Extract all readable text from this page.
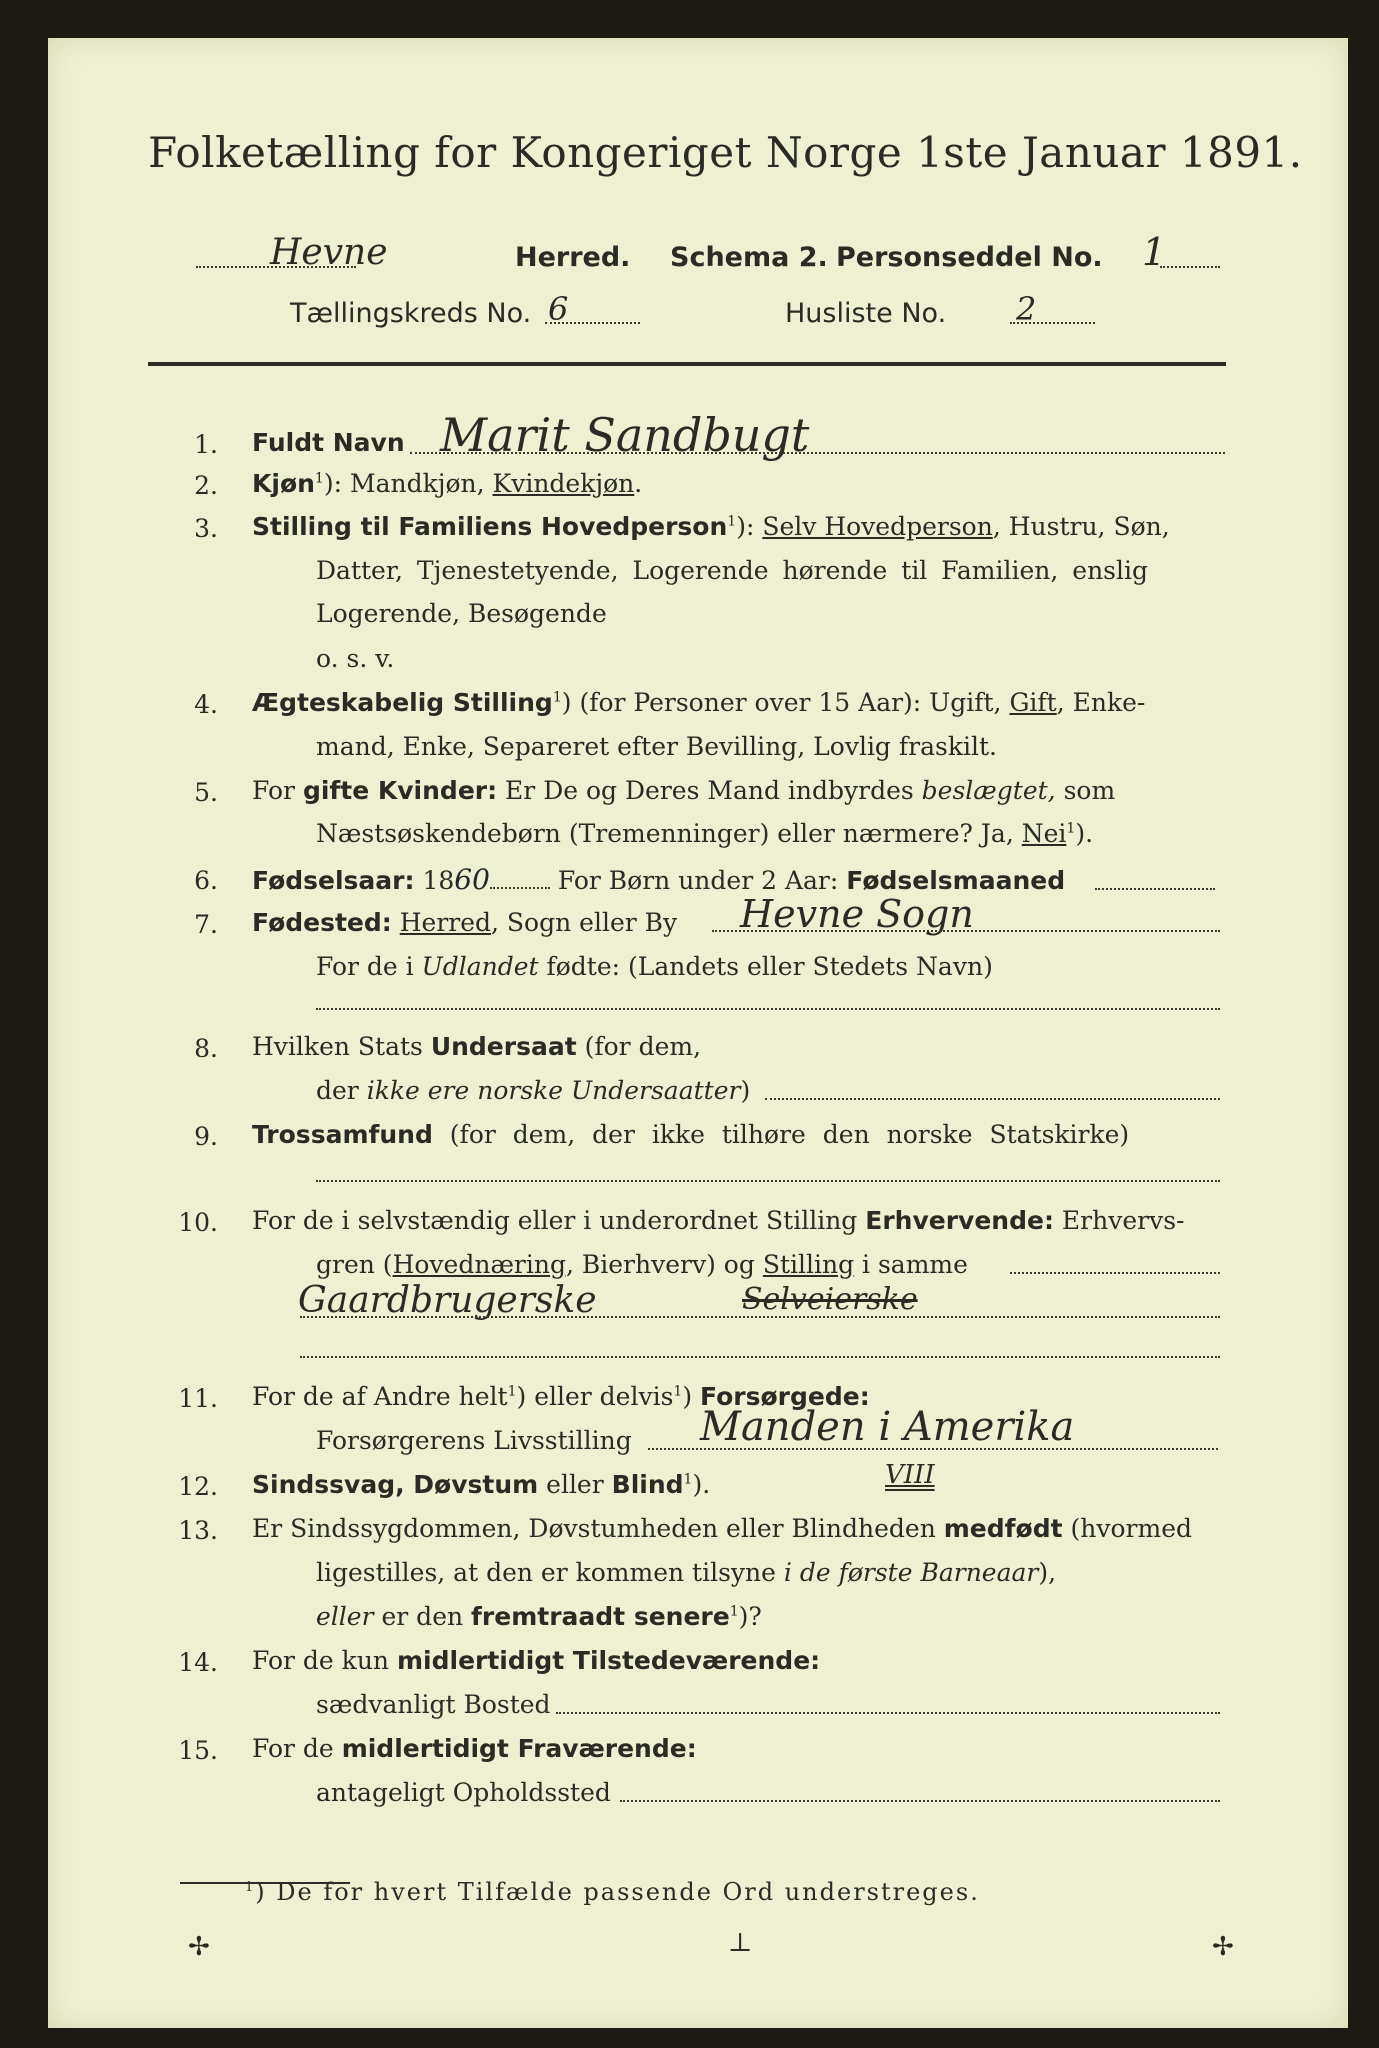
Folketælling for Kongeriget Norge 1ste Januar 1891.
Hevne	Herred. Schema 2. Personseddel No. 1
Tællingskreds No. 6	Husliste No. 2
1. Fuldt Navn Marit Sandbugt
2. Kjøn$^1$): Mandkjøn, Kvindekjøn.
3. Stilling til Familiens Hovedperson$^1$): Selv Hovedperson, Hustru, Søn,
Datter, Tjenestetyende, Logerende hørende til Familien, enslig
Logerende, Besøgende
o. s. v.
4. Ægteskabelig Stilling$^1$) (for Personer over 15 Aar): Ugift, Gift, Enke-
mand, Enke, Separeret efter Bevilling, Lovlig fraskilt.
5. For gifte Kvinder: Er De og Deres Mand indbyrdes beslægtet, som
Næstsøskendebørn (Tremenninger) eller nærmere? Ja, Nei$^1$).
6. Fødselsaar: 1860	For Børn under 2 Aar: Fødselsmaaned
7. Fødested: Herred, Sogn eller By Hevne Sogn
For de i Udlandet fødte: (Landets eller Stedets Navn)
8. Hvilken Stats Undersaat (for dem,
der ikke ere norske Undersaatter)
9. Trossamfund (for dem, der ikke tilhøre den norske Statskirke)
10. For de i selvstændig eller i underordnet Stilling Erhvervende: Erhvervs-
gren (Hovednæring, Bierhverv) og Stilling i samme
Gaardbrugerske	Selveierske
11. For de af Andre helt$^1$) eller delvis$^1$) Forsørgede:
Forsørgerens Livsstilling Manden i Amerika
12. Sindssvag, Døvstum eller Blind$^1$).	VIII
13. Er Sindssygdommen, Døvstumheden eller Blindheden medfødt (hvormed
ligestilles, at den er kommen tilsyne i de første Barneaar),
eller er den fremtraadt senere$^1$)?
14. For de kun midlertidigt Tilstedeværende:
sædvanligt Bosted
15. For de midlertidigt Fraværende:
antageligt Opholdssted
$^1$) De for hvert Tilfælde passende Ord understreges.
✢	⊥	✢
